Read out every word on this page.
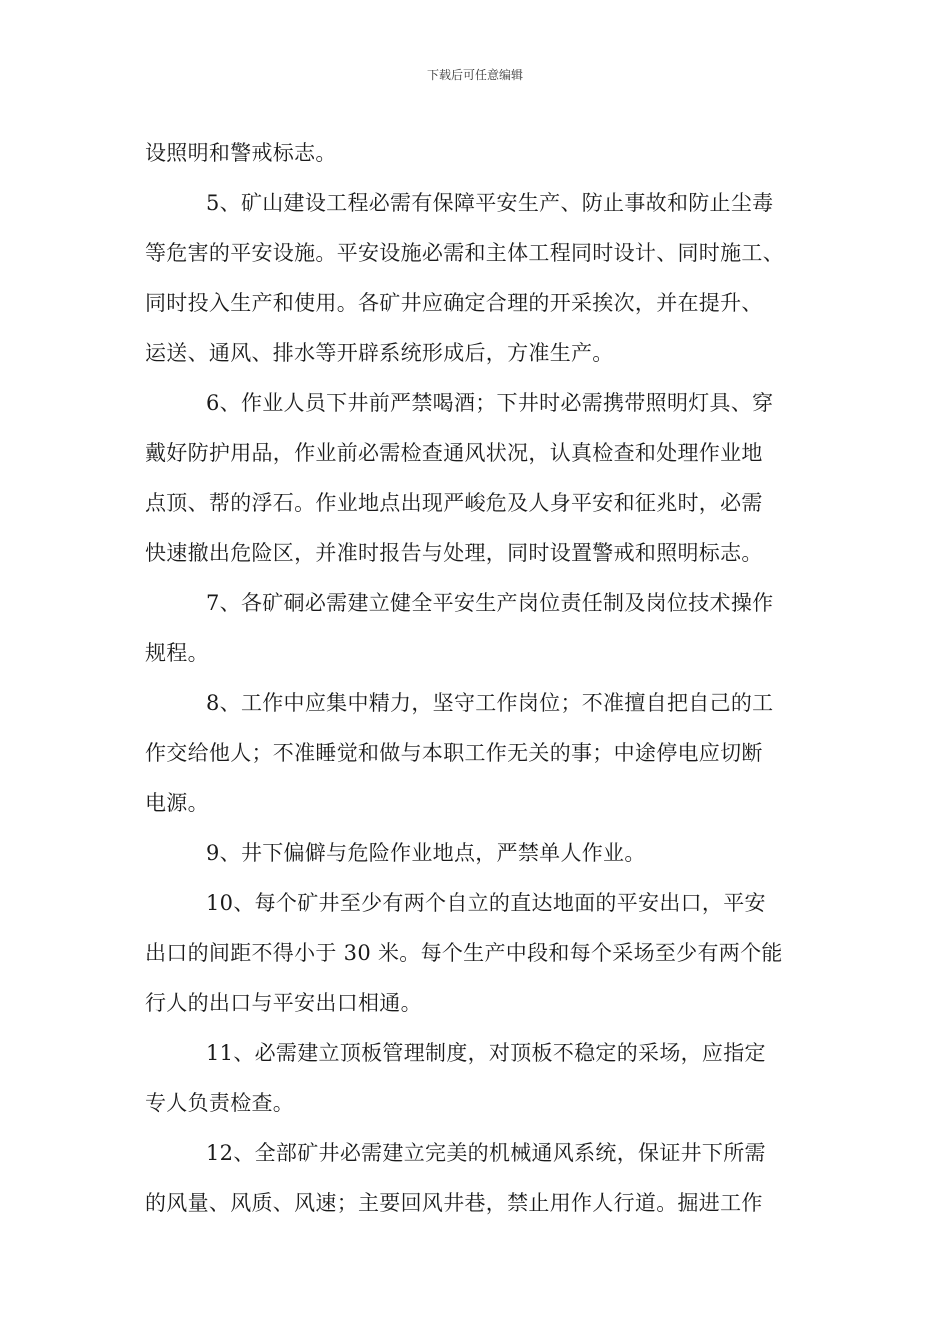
下载后可任意编辑
设照明和警戒标志。
5、矿山建设工程必需有保障平安生产、防止事故和防止尘毒
等危害的平安设施。平安设施必需和主体工程同时设计、同时施工、
同时投入生产和使用。各矿井应确定合理的开采挨次，并在提升、
运送、通风、排水等开辟系统形成后，方准生产。
6、作业人员下井前严禁喝酒；下井时必需携带照明灯具、穿
戴好防护用品，作业前必需检查通风状况，认真检查和处理作业地
点顶、帮的浮石。作业地点出现严峻危及人身平安和征兆时，必需
快速撤出危险区，并准时报告与处理，同时设置警戒和照明标志。
7、各矿硐必需建立健全平安生产岗位责任制及岗位技术操作
规程。
8、工作中应集中精力，坚守工作岗位；不准擅自把自己的工
作交给他人；不准睡觉和做与本职工作无关的事；中途停电应切断
电源。
9、井下偏僻与危险作业地点，严禁单人作业。
10、每个矿井至少有两个自立的直达地面的平安出口，平安
出口的间距不得小于 30 米。每个生产中段和每个采场至少有两个能
行人的出口与平安出口相通。
11、必需建立顶板管理制度，对顶板不稳定的采场，应指定
专人负责检查。
12、全部矿井必需建立完美的机械通风系统，保证井下所需
的风量、风质、风速；主要回风井巷，禁止用作人行道。掘进工作
